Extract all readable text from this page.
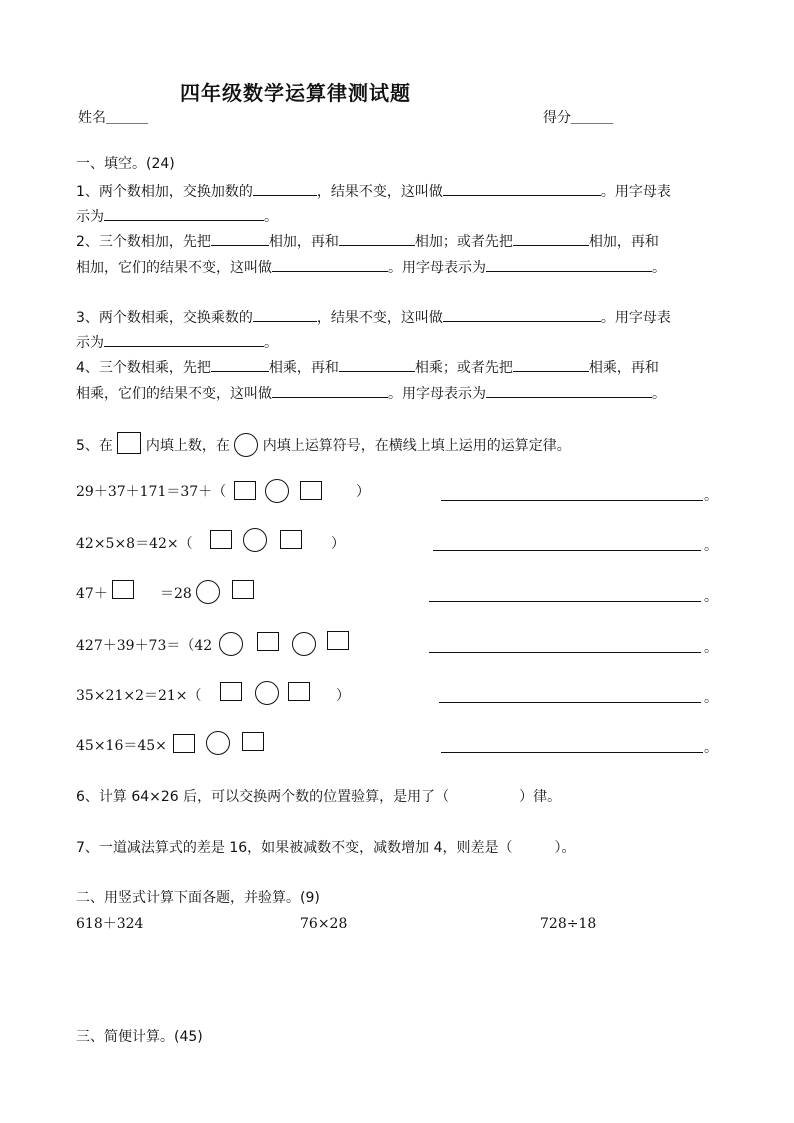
四年级数学运算律测试题
姓名＿＿＿	得分＿＿＿
一、填空。(24)
1、两个数相加，交换加数的	，结果不变，这叫做	。用字母表
示为	。
2、三个数相加，先把	相加，再和	相加；或者先把	相加，再和
相加，它们的结果不变，这叫做	。用字母表示为	。
3、两个数相乘，交换乘数的	，结果不变，这叫做	。用字母表
示为	。
4、三个数相乘，先把	相乘，再和	相乘；或者先把	相乘，再和
相乘，它们的结果不变，这叫做	。用字母表示为	。
5、在 内填上数，在 内填上运算符号，在横线上填上运用的运算定律。
29＋37＋171＝37＋（	）	。
42×5×8＝42×（	）	。
47＋	＝28	。
427＋39＋73＝（42	。
35×21×2＝21×（	）	。
45×16＝45×	。
6、计算 64×26 后，可以交换两个数的位置验算，是用了（　　　　　）律。
7、一道减法算式的差是 16，如果被减数不变，减数增加 4，则差是（　　　）。
二、用竖式计算下面各题，并验算。(9)
618＋324	76×28	728÷18
三、简便计算。(45)
